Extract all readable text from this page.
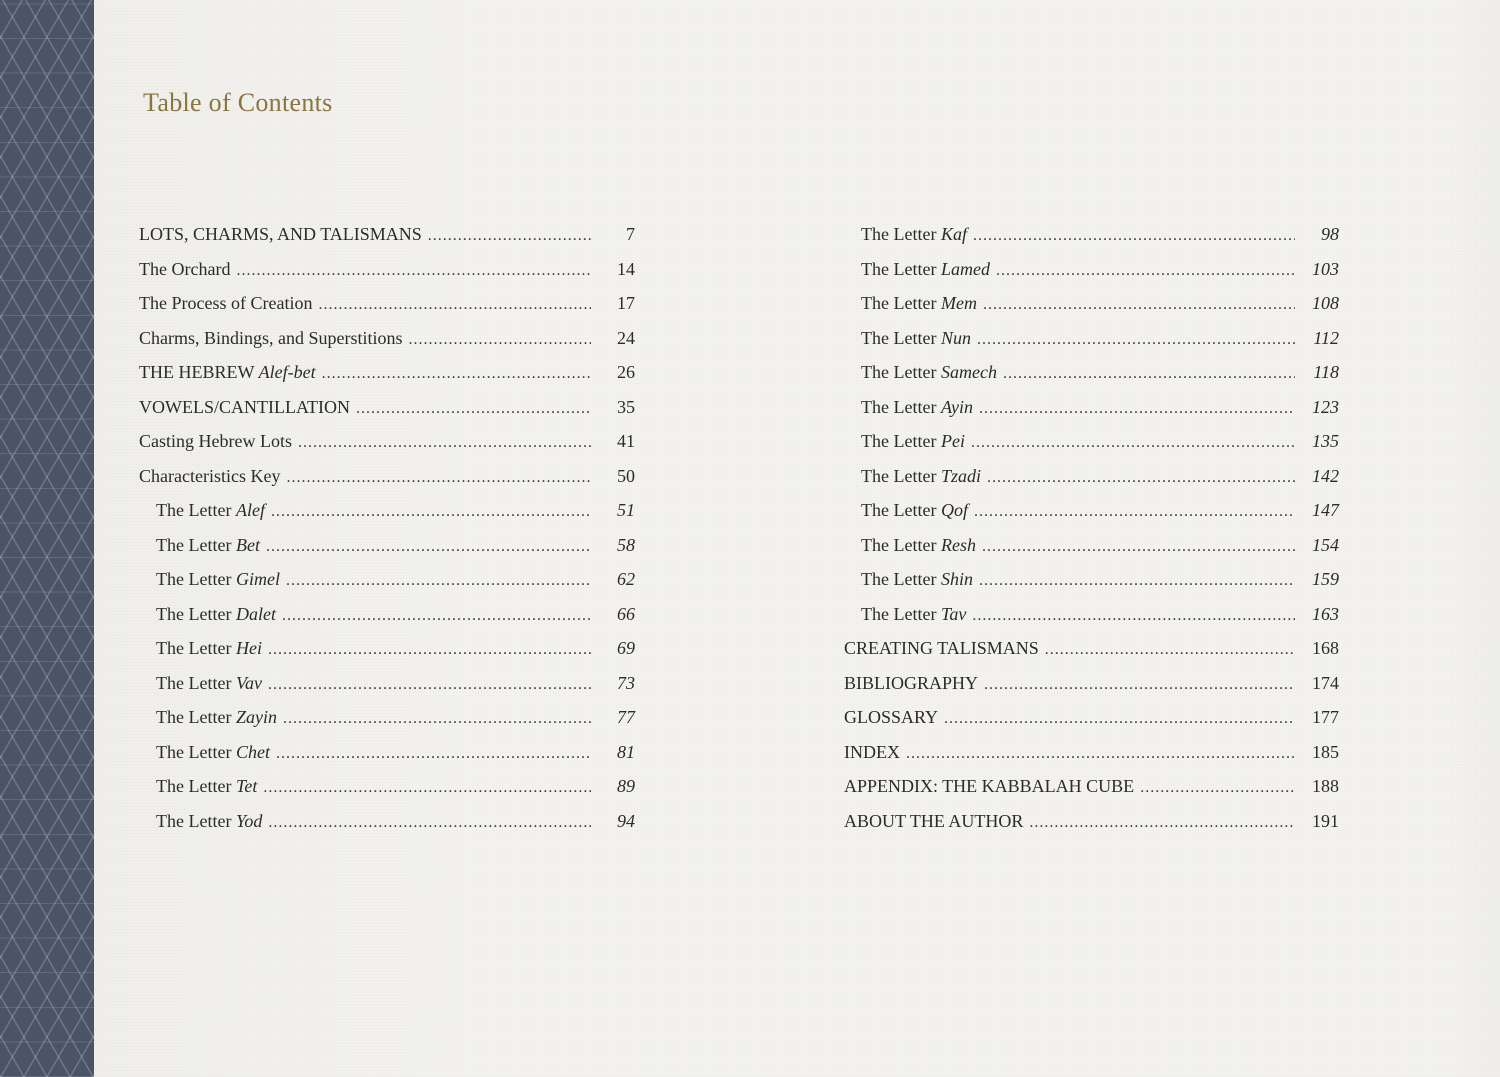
Table of Contents
LOTS, CHARMS, AND TALISMANS .....	7
The Orchard .....	14
The Process of Creation .....	17
Charms, Bindings, and Superstitions .....	24
THE HEBREW Alef-bet .....	26
VOWELS/CANTILLATION .....	35
Casting Hebrew Lots .....	41
Characteristics Key .....	50
The Letter Alef .....	51
The Letter Bet .....	58
The Letter Gimel .....	62
The Letter Dalet .....	66
The Letter Hei .....	69
The Letter Vav .....	73
The Letter Zayin .....	77
The Letter Chet .....	81
The Letter Tet .....	89
The Letter Yod .....	94
The Letter Kaf .....	98
The Letter Lamed .....	103
The Letter Mem .....	108
The Letter Nun .....	112
The Letter Samech .....	118
The Letter Ayin .....	123
The Letter Pei .....	135
The Letter Tzadi .....	142
The Letter Qof .....	147
The Letter Resh .....	154
The Letter Shin .....	159
The Letter Tav .....	163
CREATING TALISMANS .....	168
BIBLIOGRAPHY .....	174
GLOSSARY .....	177
INDEX .....	185
APPENDIX: THE KABBALAH CUBE .....	188
ABOUT THE AUTHOR .....	191
